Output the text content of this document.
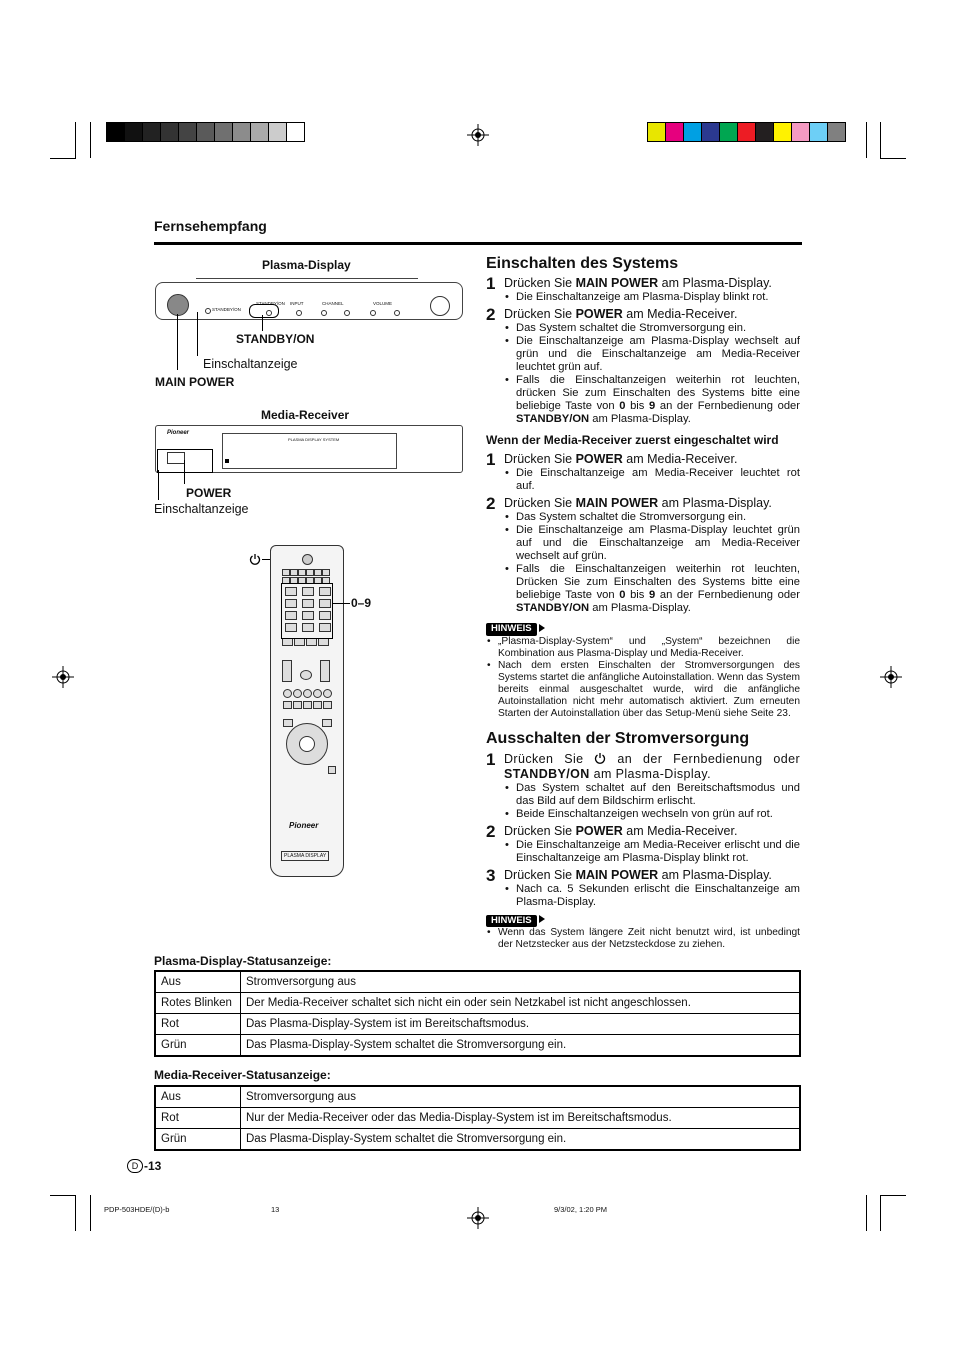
Fernsehempfang
Plasma-Display
STANDBY/ON
STANDBY/ON INPUT	CHANNEL	VOLUME
STANDBY/ON
Einschaltanzeige
MAIN POWER
Media-Receiver
PLASMA DISPLAY SYSTEM
Pioneer
POWER
Einschaltanzeige
0–9
Pioneer
PLASMA DISPLAY
Einschalten des Systems
1 Drücken Sie MAIN POWER am Plasma-Display.
• Die Einschaltanzeige am Plasma-Display blinkt rot.
2 Drücken Sie POWER am Media-Receiver.
• Das System schaltet die Stromversorgung ein.
• Die Einschaltanzeige am Plasma-Display wechselt auf grün und die Einschaltanzeige am Media-Receiver leuchtet grün auf.
• Falls die Einschaltanzeigen weiterhin rot leuchten, drücken Sie zum Einschalten des Systems bitte eine beliebige Taste von 0 bis 9 an der Fernbedienung oder STANDBY/ON am Plasma-Display.
Wenn der Media-Receiver zuerst eingeschaltet wird
1 Drücken Sie POWER am Media-Receiver.
• Die Einschaltanzeige am Media-Receiver leuchtet rot auf.
2 Drücken Sie MAIN POWER am Plasma-Display.
• Das System schaltet die Stromversorgung ein.
• Die Einschaltanzeige am Plasma-Display leuchtet grün auf und die Einschaltanzeige am Media-Receiver wechselt auf grün.
• Falls die Einschaltanzeigen weiterhin rot leuchten, Drücken Sie zum Einschalten des Systems bitte eine beliebige Taste von 0 bis 9 an der Fernbedienung oder STANDBY/ON am Plasma-Display.
HINWEIS
• „Plasma-Display-System“ und „System“ bezeichnen die Kombination aus Plasma-Display und Media-Receiver.
• Nach dem ersten Einschalten der Stromversorgungen des Systems startet die anfängliche Autoinstallation. Wenn das System bereits einmal ausgeschaltet wurde, wird die anfängliche Autoinstallation nicht mehr automatisch aktiviert. Zum erneuten Starten der Autoinstallation über das Setup-Menü siehe Seite 23.
Ausschalten der Stromversorgung
1 Drücken Sie  an der Fernbedienung oder STANDBY/ON am Plasma-Display.
• Das System schaltet auf den Bereitschaftsmodus und das Bild auf dem Bildschirm erlischt.
• Beide Einschaltanzeigen wechseln von grün auf rot.
2 Drücken Sie POWER am Media-Receiver.
• Die Einschaltanzeige am Media-Receiver erlischt und die Einschaltanzeige am Plasma-Display blinkt rot.
3 Drücken Sie MAIN POWER am Plasma-Display.
• Nach ca. 5 Sekunden erlischt die Einschaltanzeige am Plasma-Display.
HINWEIS
• Wenn das System längere Zeit nicht benutzt wird, ist unbedingt der Netzstecker aus der Netzsteckdose zu ziehen.
Plasma-Display-Statusanzeige:
Aus	Stromversorgung aus
Rotes Blinken	Der Media-Receiver schaltet sich nicht ein oder sein Netzkabel ist nicht angeschlossen.
Rot	Das Plasma-Display-System ist im Bereitschaftsmodus.
Grün	Das Plasma-Display-System schaltet die Stromversorgung ein.
Media-Receiver-Statusanzeige:
Aus	Stromversorgung aus
Rot	Nur der Media-Receiver oder das Media-Display-System ist im Bereitschaftsmodus.
Grün	Das Plasma-Display-System schaltet die Stromversorgung ein.
D -13
PDP-503HDE/(D)-b	13	9/3/02, 1:20 PM
